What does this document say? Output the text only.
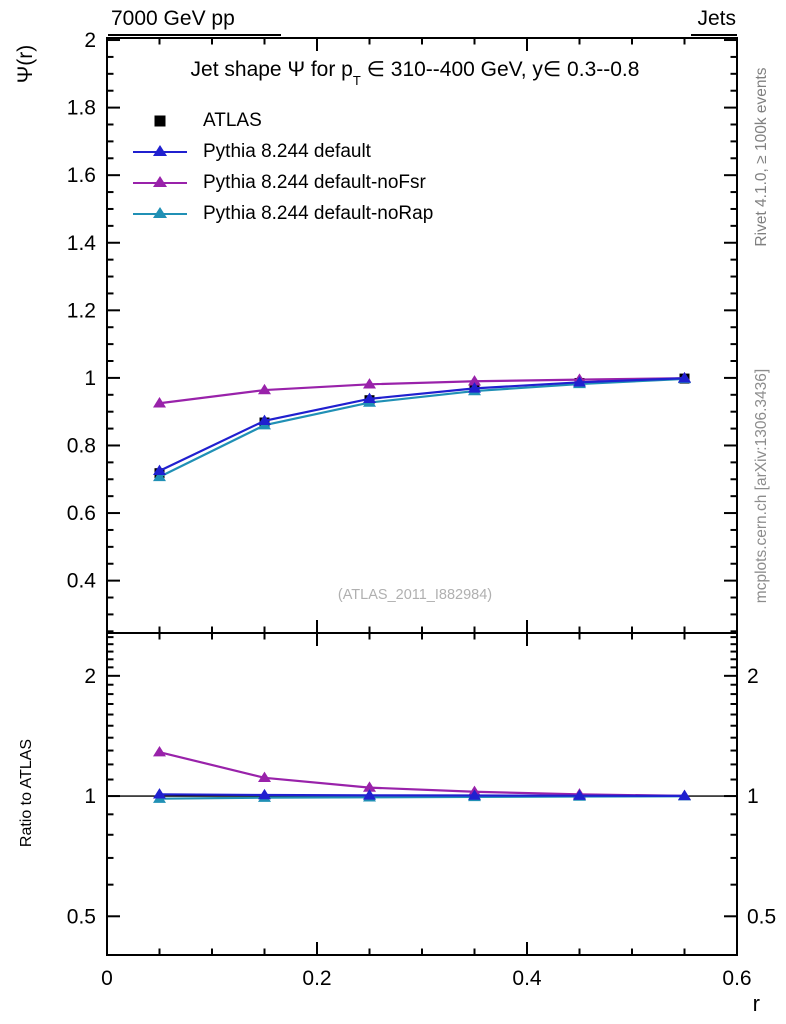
0	0.2	0.4	0.6
0.4
0.6
0.8
1
1.2
1.4
1.6
1.8
2
0.5	0.5
1	1
2	2
7000 GeV pp	Jets
Ψ(r)	Jet shape Ψ for $p_T$ ∈ 310--400 GeV, y∈ 0.3--0.8
ATLAS
Pythia 8.244 default
Pythia 8.244 default-noFsr
Pythia 8.244 default-noRap
(ATLAS_2011_I882984)
Rivet 4.1.0, ≥ 100k events
mcplots.cern.ch [arXiv:1306.3436]
Ratio to ATLAS
r
